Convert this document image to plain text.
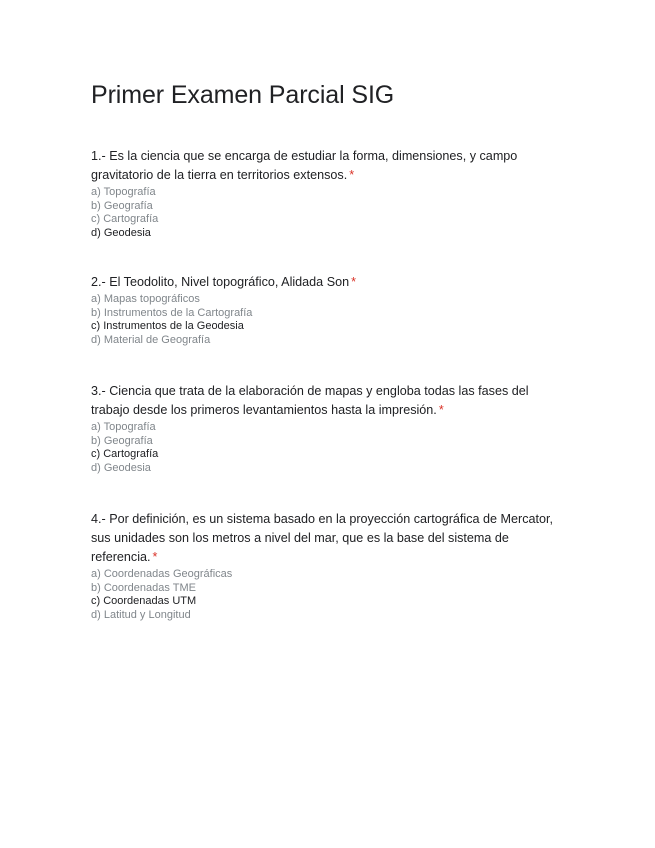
Primer Examen Parcial SIG
1.- Es la ciencia que se encarga de estudiar la forma, dimensiones, y campo gravitatorio de la tierra en territorios extensos. *
a) Topografía
b) Geografía
c) Cartografía
d) Geodesia
2.- El Teodolito, Nivel topográfico, Alidada Son *
a) Mapas topográficos
b) Instrumentos de la Cartografía
c) Instrumentos de la Geodesia
d) Material de Geografía
3.- Ciencia que trata de la elaboración de mapas y engloba todas las fases del trabajo desde los primeros levantamientos hasta la impresión. *
a) Topografía
b) Geografía
c) Cartografía
d) Geodesia
4.- Por definición, es un sistema basado en la proyección cartográfica de Mercator, sus unidades son los metros a nivel del mar, que es la base del sistema de referencia. *
a) Coordenadas Geográficas
b) Coordenadas TME
c) Coordenadas UTM
d) Latitud y Longitud
